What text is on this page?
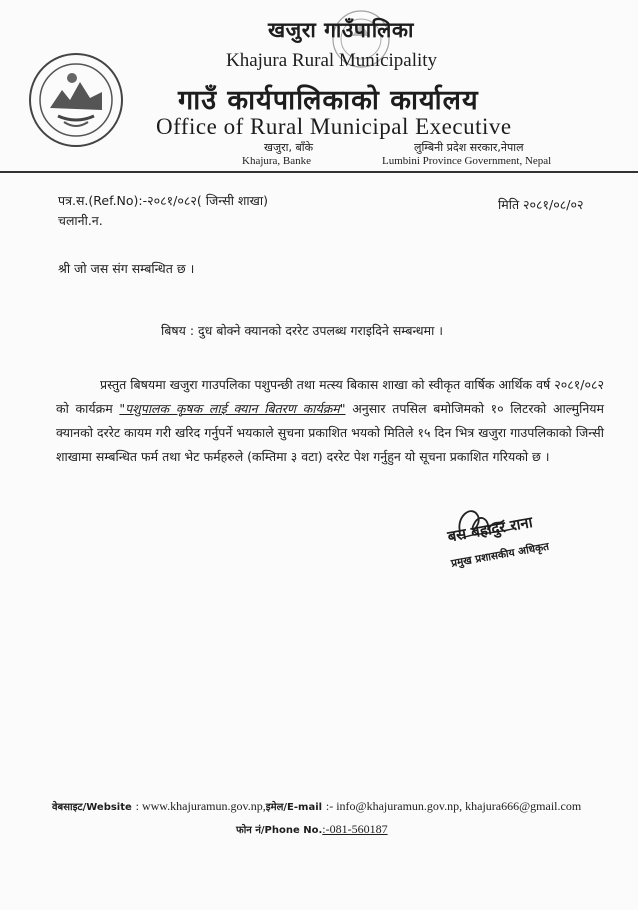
खजुरा गाउँपालिका
Khajura Rural Municipality
गाउँ कार्यपालिकाको कार्यालय
Office of Rural Municipal Executive
खजुरा, बाँके
Khajura, Banke
लुम्बिनी प्रदेश सरकार,नेपाल
Lumbini Province Government, Nepal
पत्र.स.(Ref.No):-२०८१/०८२( जिन्सी शाखा)
चलानी.न.
मिति २०८१/०८/०२
श्री जो जस संग सम्बन्धित छ ।
बिषय : दुध बोक्ने क्यानको दररेट उपलब्ध गराइदिने सम्बन्धमा ।
प्रस्तुत बिषयमा खजुरा गाउपलिका पशुपन्छी तथा मत्स्य बिकास शाखा को स्वीकृत वार्षिक आर्थिक वर्ष २०८१/०८२ को कार्यक्रम "पशुपालक कृषक लाई क्यान बितरण कार्यक्रम" अनुसार तपसिल बमोजिमको १० लिटरको आल्मुनियम क्यानको दररेट कायम गरी खरिद गर्नुपर्ने भयकाले सुचना प्रकाशित भयको मितिले १५ दिन भित्र खजुरा गाउपलिकाको जिन्सी शाखामा सम्बन्धित फर्म तथा भेट फर्महरुले (कम्तिमा ३ वटा) दररेट पेश गर्नुहुन यो सूचना प्रकाशित गरियको छ ।
बस बहादुर राना
प्रमुख प्रशासकीय अधिकृत
वेबसाइट/Website : www.khajuramun.gov.np,इमेल/E-mail :- info@khajuramun.gov.np, khajura666@gmail.com
फोन नं/Phone No.:-081-560187
